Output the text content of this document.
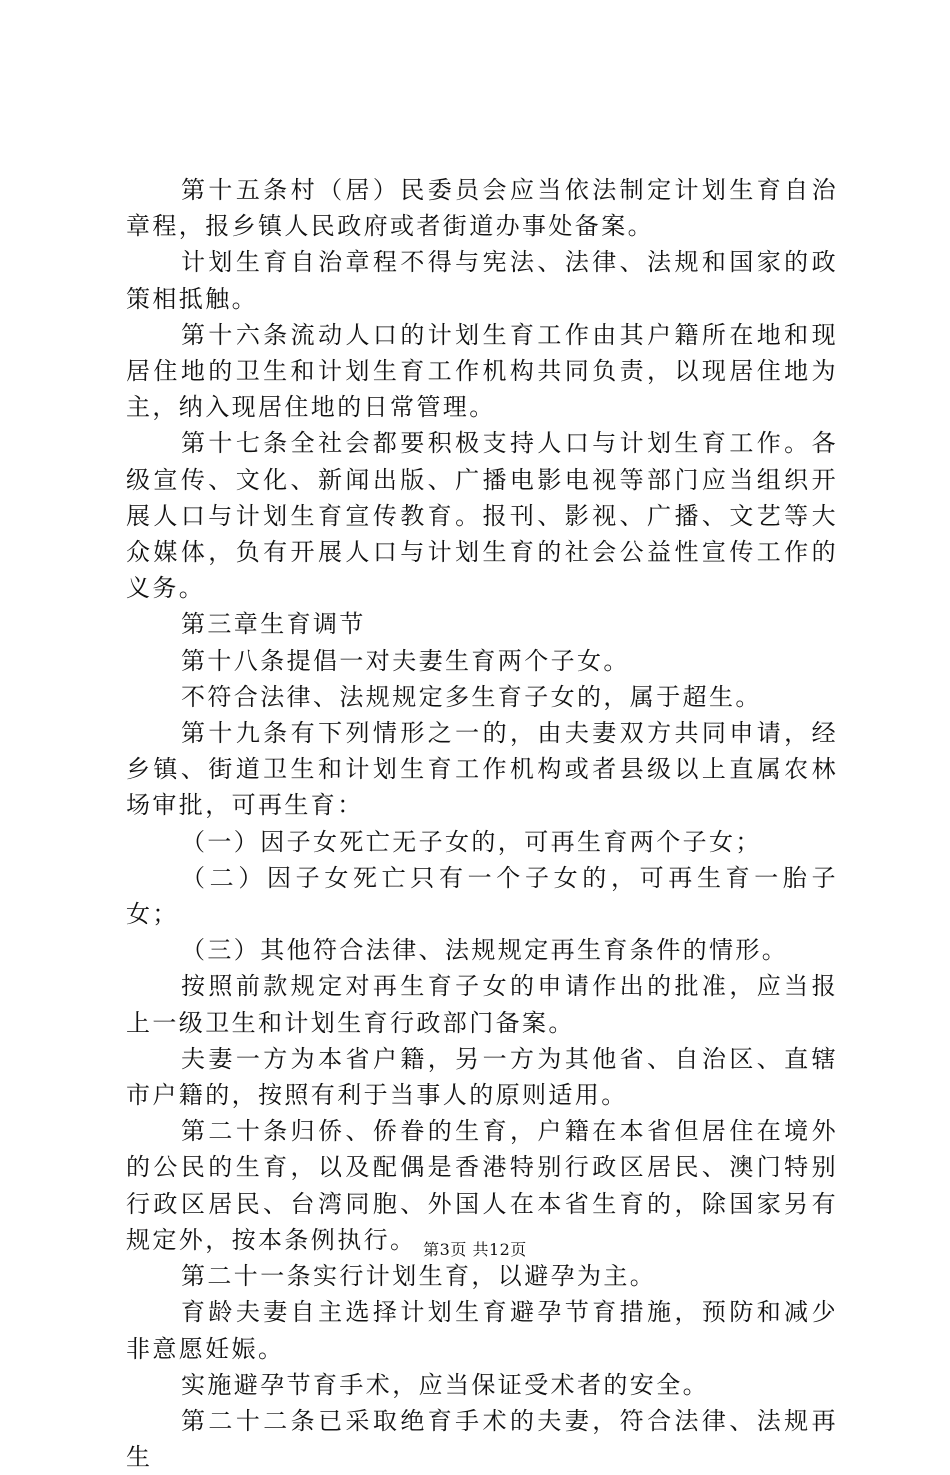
第十五条村（居）民委员会应当依法制定计划生育自治章程，报乡镇人民政府或者街道办事处备案。

计划生育自治章程不得与宪法、法律、法规和国家的政策相抵触。

第十六条流动人口的计划生育工作由其户籍所在地和现居住地的卫生和计划生育工作机构共同负责，以现居住地为主，纳入现居住地的日常管理。

第十七条全社会都要积极支持人口与计划生育工作。各级宣传、文化、新闻出版、广播电影电视等部门应当组织开展人口与计划生育宣传教育。报刊、影视、广播、文艺等大众媒体，负有开展人口与计划生育的社会公益性宣传工作的义务。

第三章生育调节

第十八条提倡一对夫妻生育两个子女。

不符合法律、法规规定多生育子女的，属于超生。

第十九条有下列情形之一的，由夫妻双方共同申请，经乡镇、街道卫生和计划生育工作机构或者县级以上直属农林场审批，可再生育：

（一）因子女死亡无子女的，可再生育两个子女；

（二）因子女死亡只有一个子女的，可再生育一胎子女；

（三）其他符合法律、法规规定再生育条件的情形。

按照前款规定对再生育子女的申请作出的批准，应当报上一级卫生和计划生育行政部门备案。

夫妻一方为本省户籍，另一方为其他省、自治区、直辖市户籍的，按照有利于当事人的原则适用。

第二十条归侨、侨眷的生育，户籍在本省但居住在境外的公民的生育，以及配偶是香港特别行政区居民、澳门特别行政区居民、台湾同胞、外国人在本省生育的，除国家另有规定外，按本条例执行。

第二十一条实行计划生育，以避孕为主。

育龄夫妻自主选择计划生育避孕节育措施，预防和减少非意愿妊娠。

实施避孕节育手术，应当保证受术者的安全。

第二十二条已采取绝育手术的夫妻，符合法律、法规再生

第3页 共12页
